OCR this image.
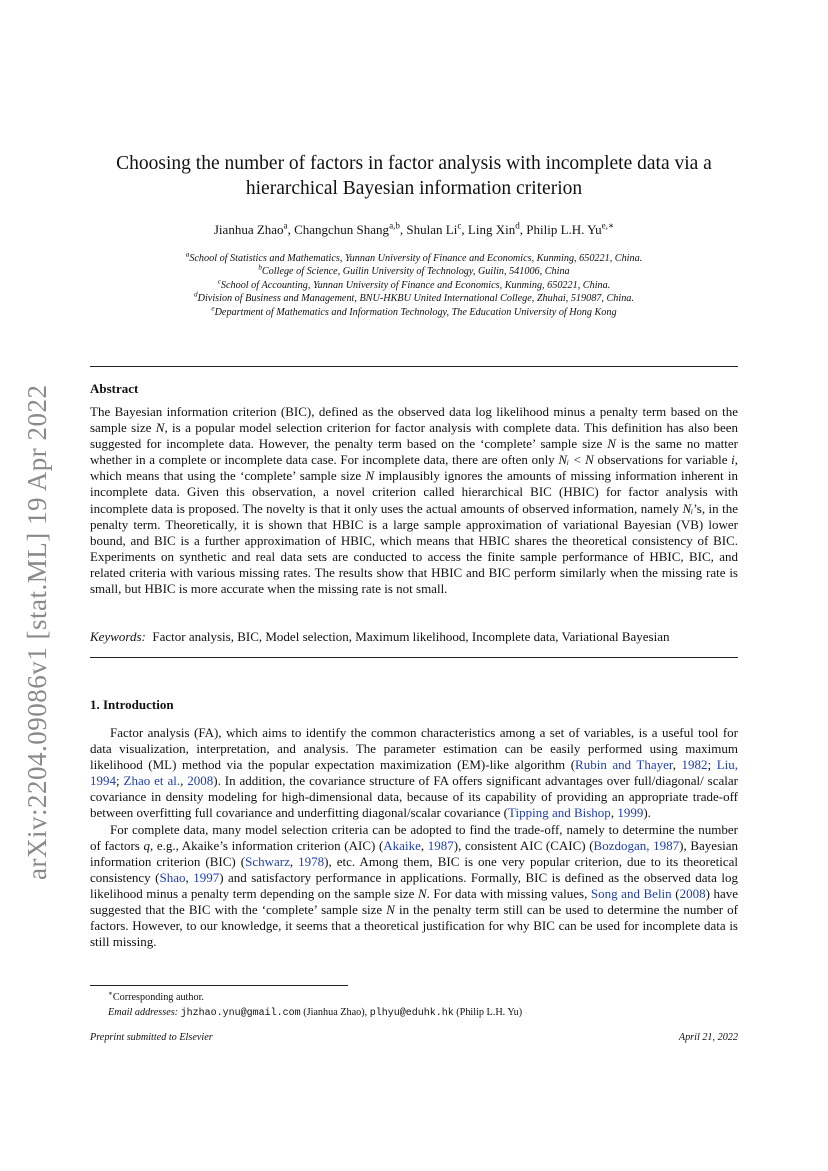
arXiv:2204.09086v1 [stat.ML] 19 Apr 2022
Choosing the number of factors in factor analysis with incomplete data via a hierarchical Bayesian information criterion
Jianhua Zhao$^a$, Changchun Shang$^{a,b}$, Shulan Li$^c$, Ling Xin$^d$, Philip L.H. $Yu^{e,∗}$
$^a$School of Statistics and Mathematics, Yunnan University of Finance and Economics, Kunming, 650221, China.
$^b$College of Science, Guilin University of Technology, Guilin, 541006, China
$^c$School of Accounting, Yunnan University of Finance and Economics, Kunming, 650221, China.
$^d$Division of Business and Management, BNU-HKBU United International College, Zhuhai, 519087, China.
$^e$Department of Mathematics and Information Technology, The Education University of Hong Kong
Abstract

The Bayesian information criterion (BIC), defined as the observed data log likelihood minus a penalty term based on the sample size N, is a popular model selection criterion for factor analysis with complete data. This definition has also been suggested for incomplete data. However, the penalty term based on the ‘complete’ sample size N is the same no matter whether in a complete or incomplete data case. For incomplete data, there are often only Nᵢ < N observations for variable i, which means that using the ‘complete’ sample size N implausibly ignores the amounts of missing information inherent in incomplete data. Given this observation, a novel criterion called hierarchical BIC (HBIC) for factor analysis with incomplete data is proposed. The novelty is that it only uses the actual amounts of observed information, namely Nᵢ’s, in the penalty term. Theoretically, it is shown that HBIC is a large sample approximation of variational Bayesian (VB) lower bound, and BIC is a further approximation of HBIC, which means that HBIC shares the theoretical consistency of BIC. Experiments on synthetic and real data sets are conducted to access the finite sample performance of HBIC, BIC, and related criteria with various missing rates. The results show that HBIC and BIC perform similarly when the missing rate is small, but HBIC is more accurate when the missing rate is not small.

Keywords: Factor analysis, BIC, Model selection, Maximum likelihood, Incomplete data, Variational Bayesian
1. Introduction

Factor analysis (FA), which aims to identify the common characteristics among a set of variables, is a useful tool for data visualization, interpretation, and analysis. The parameter estimation can be easily performed using maximum likelihood (ML) method via the popular expectation maximization (EM)-like algorithm (Rubin and Thayer, 1982; Liu, 1994; Zhao et al., 2008). In addition, the covariance structure of FA offers significant advantages over full/diagonal/ scalar covariance in density modeling for high-dimensional data, because of its capability of providing an appropriate trade-off between overfitting full covariance and underfitting diagonal/scalar covariance (Tipping and Bishop, 1999).

For complete data, many model selection criteria can be adopted to find the trade-off, namely to determine the number of factors q, e.g., Akaike’s information criterion (AIC) (Akaike, 1987), consistent AIC (CAIC) (Bozdogan, 1987), Bayesian information criterion (BIC) (Schwarz, 1978), etc. Among them, BIC is one very popular criterion, due to its theoretical consistency (Shao, 1997) and satisfactory performance in applications. Formally, BIC is defined as the observed data log likelihood minus a penalty term depending on the sample size N. For data with missing values, Song and Belin (2008) have suggested that the BIC with the ‘complete’ sample size N in the penalty term still can be used to determine the number of factors. However, to our knowledge, it seems that a theoretical justification for why BIC can be used for incomplete data is still missing.

∗Corresponding author.
Email addresses: jhzhao.ynu@gmail.com (Jianhua Zhao), plhyu@eduhk.hk (Philip L.H. Yu)
Preprint submitted to Elsevier	April 21, 2022
